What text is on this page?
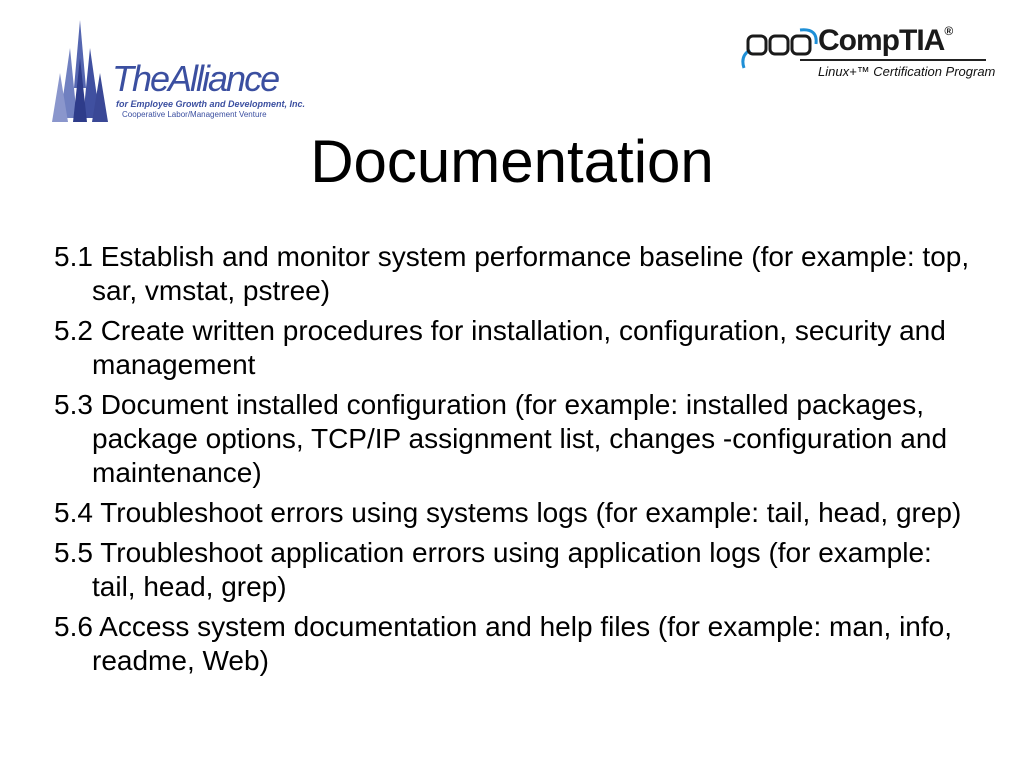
TheAlliance
for Employee Growth and Development, Inc.
Cooperative Labor/Management Venture
CompTIA®
Linux+™ Certification Program
Documentation
5.1 Establish and monitor system performance baseline (for example: top, sar, vmstat, pstree)
5.2 Create written procedures for installation, configuration, security and management
5.3 Document installed configuration (for example: installed packages, package options, TCP/IP assignment list, changes -configuration and maintenance)
5.4 Troubleshoot errors using systems logs (for example: tail, head, grep)
5.5 Troubleshoot application errors using application logs (for example: tail, head, grep)
5.6 Access system documentation and help files (for example: man, info, readme, Web)
